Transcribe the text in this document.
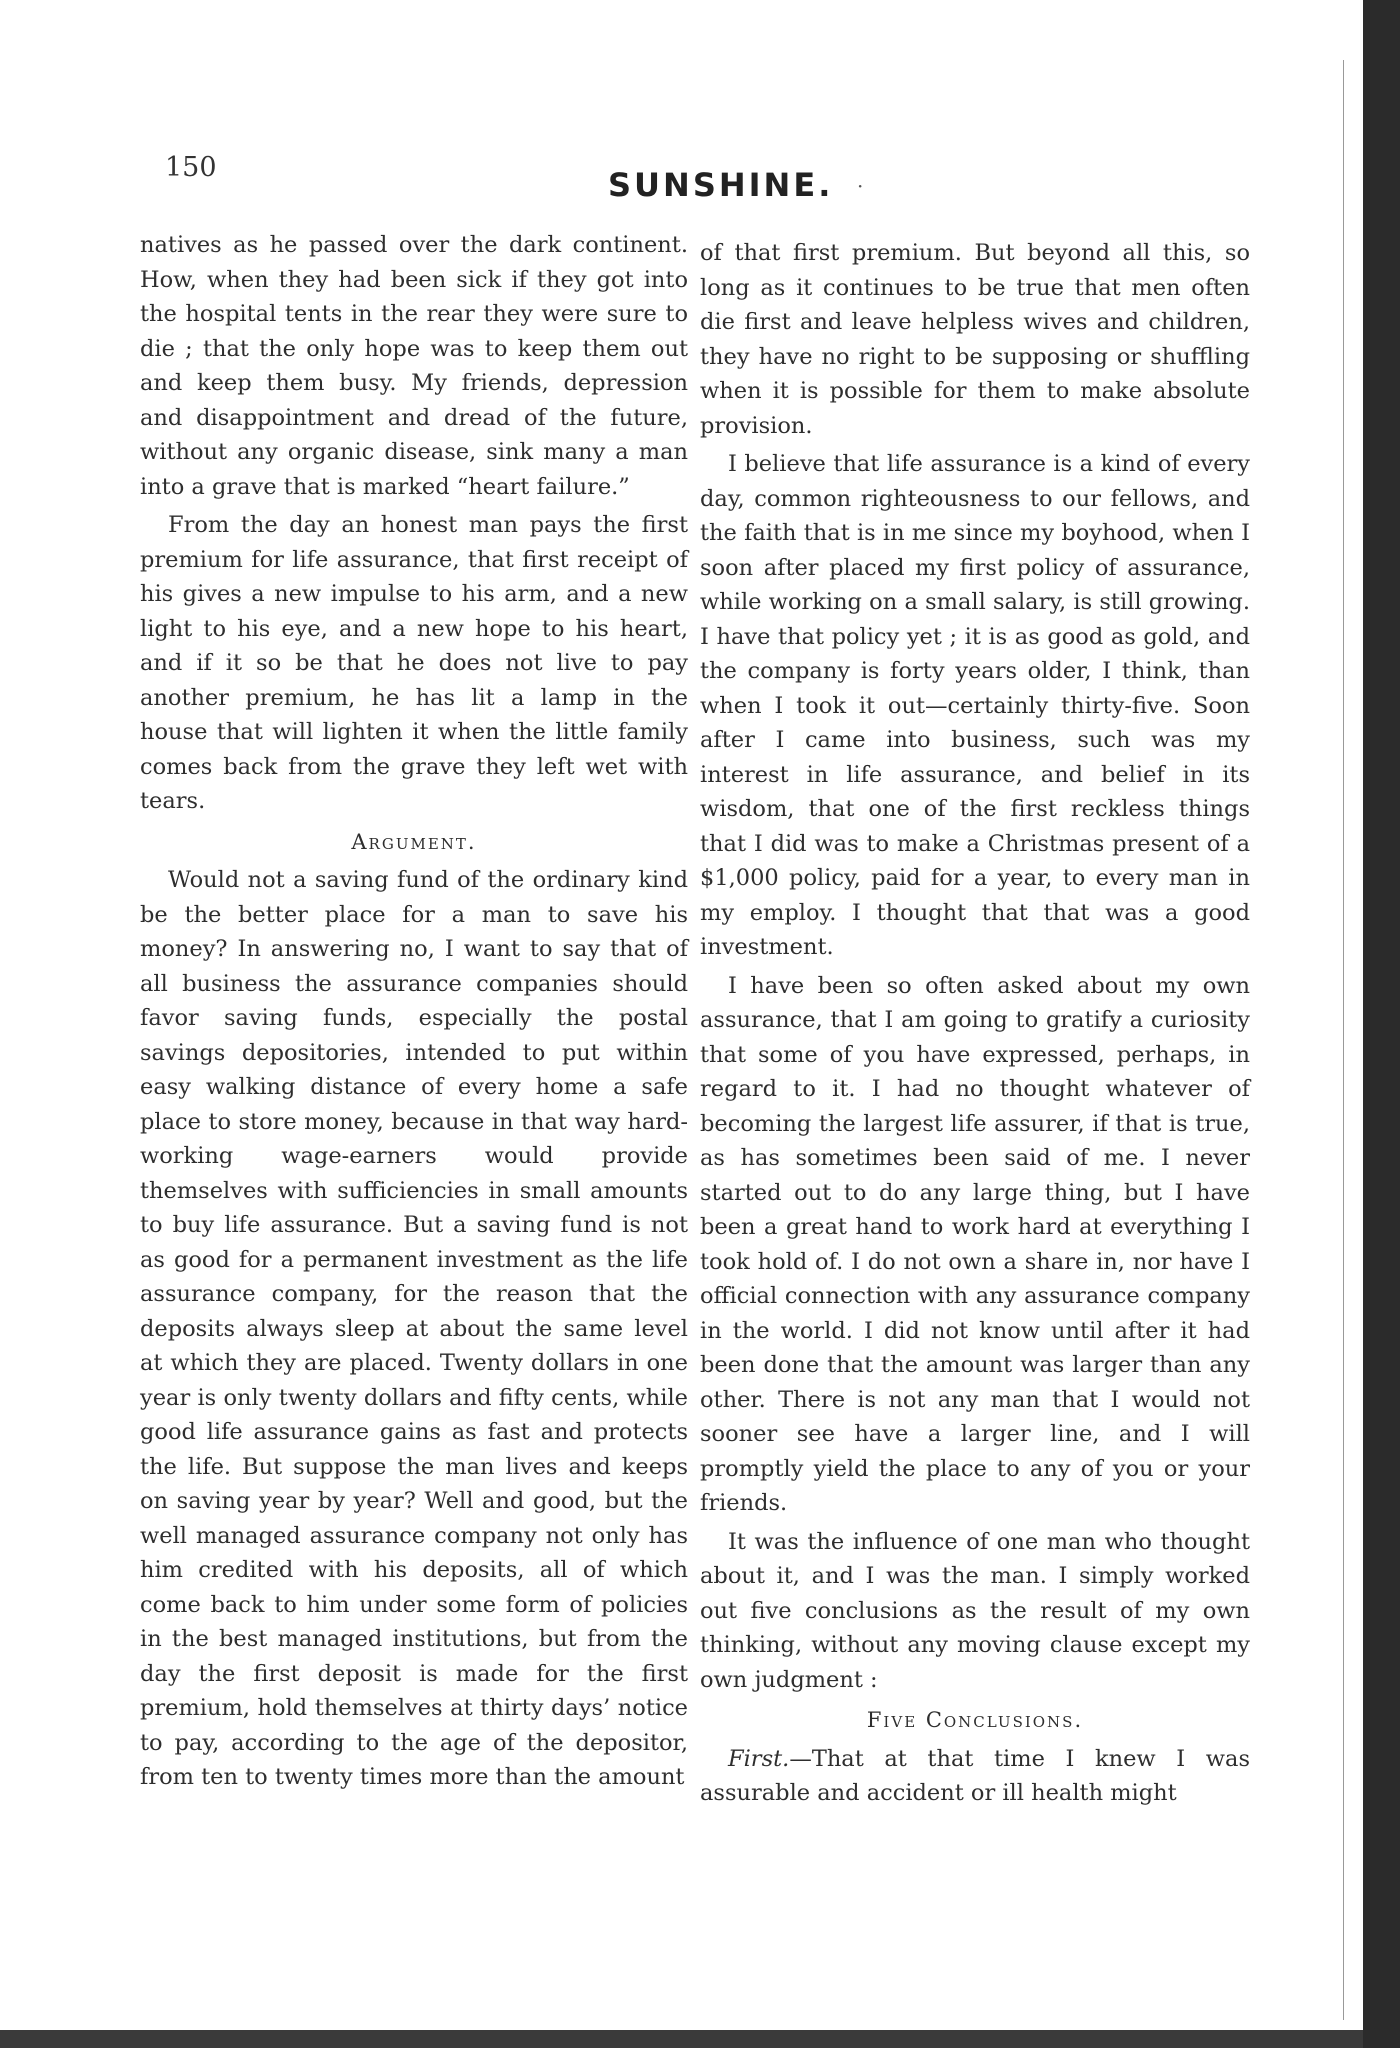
150	SUNSHINE. ·

natives as he passed over the dark continent. How, when they had been sick if they got into the hospital tents in the rear they were sure to die ; that the only hope was to keep them out and keep them busy. My friends, depression and disappointment and dread of the future, without any organic disease, sink many a man into a grave that is marked “heart failure.”

From the day an honest man pays the first premium for life assurance, that first receipt of his gives a new impulse to his arm, and a new light to his eye, and a new hope to his heart, and if it so be that he does not live to pay another premium, he has lit a lamp in the house that will lighten it when the little family comes back from the grave they left wet with tears.

Argument.

Would not a saving fund of the ordinary kind be the better place for a man to save his money? In answering no, I want to say that of all business the assurance companies should favor saving funds, especially the postal savings depositories, intended to put within easy walking distance of every home a safe place to store money, because in that way hard-working wage-earners would provide themselves with sufficiencies in small amounts to buy life assurance. But a saving fund is not as good for a permanent investment as the life assurance company, for the reason that the deposits always sleep at about the same level at which they are placed. Twenty dollars in one year is only twenty dollars and fifty cents, while good life assurance gains as fast and protects the life. But suppose the man lives and keeps on saving year by year? Well and good, but the well managed assurance company not only has him credited with his deposits, all of which come back to him under some form of policies in the best managed institutions, but from the day the first deposit is made for the first premium, hold themselves at thirty days’ notice to pay, according to the age of the depositor, from ten to twenty times more than the amount

of that first premium. But beyond all this, so long as it continues to be true that men often die first and leave helpless wives and children, they have no right to be supposing or shuffling when it is possible for them to make absolute provision.

I believe that life assurance is a kind of every day, common righteousness to our fellows, and the faith that is in me since my boyhood, when I soon after placed my first policy of assurance, while working on a small salary, is still growing. I have that policy yet ; it is as good as gold, and the company is forty years older, I think, than when I took it out—certainly thirty-five. Soon after I came into business, such was my interest in life assurance, and belief in its wisdom, that one of the first reckless things that I did was to make a Christmas present of a $1,000 policy, paid for a year, to every man in my employ. I thought that that was a good investment.

I have been so often asked about my own assurance, that I am going to gratify a curiosity that some of you have expressed, perhaps, in regard to it. I had no thought whatever of becoming the largest life assurer, if that is true, as has sometimes been said of me. I never started out to do any large thing, but I have been a great hand to work hard at everything I took hold of. I do not own a share in, nor have I official connection with any assurance company in the world. I did not know until after it had been done that the amount was larger than any other. There is not any man that I would not sooner see have a larger line, and I will promptly yield the place to any of you or your friends.

It was the influence of one man who thought about it, and I was the man. I simply worked out five conclusions as the result of my own thinking, without any moving clause except my own judgment :

Five Conclusions.

First.—That at that time I knew I was assurable and accident or ill health might
